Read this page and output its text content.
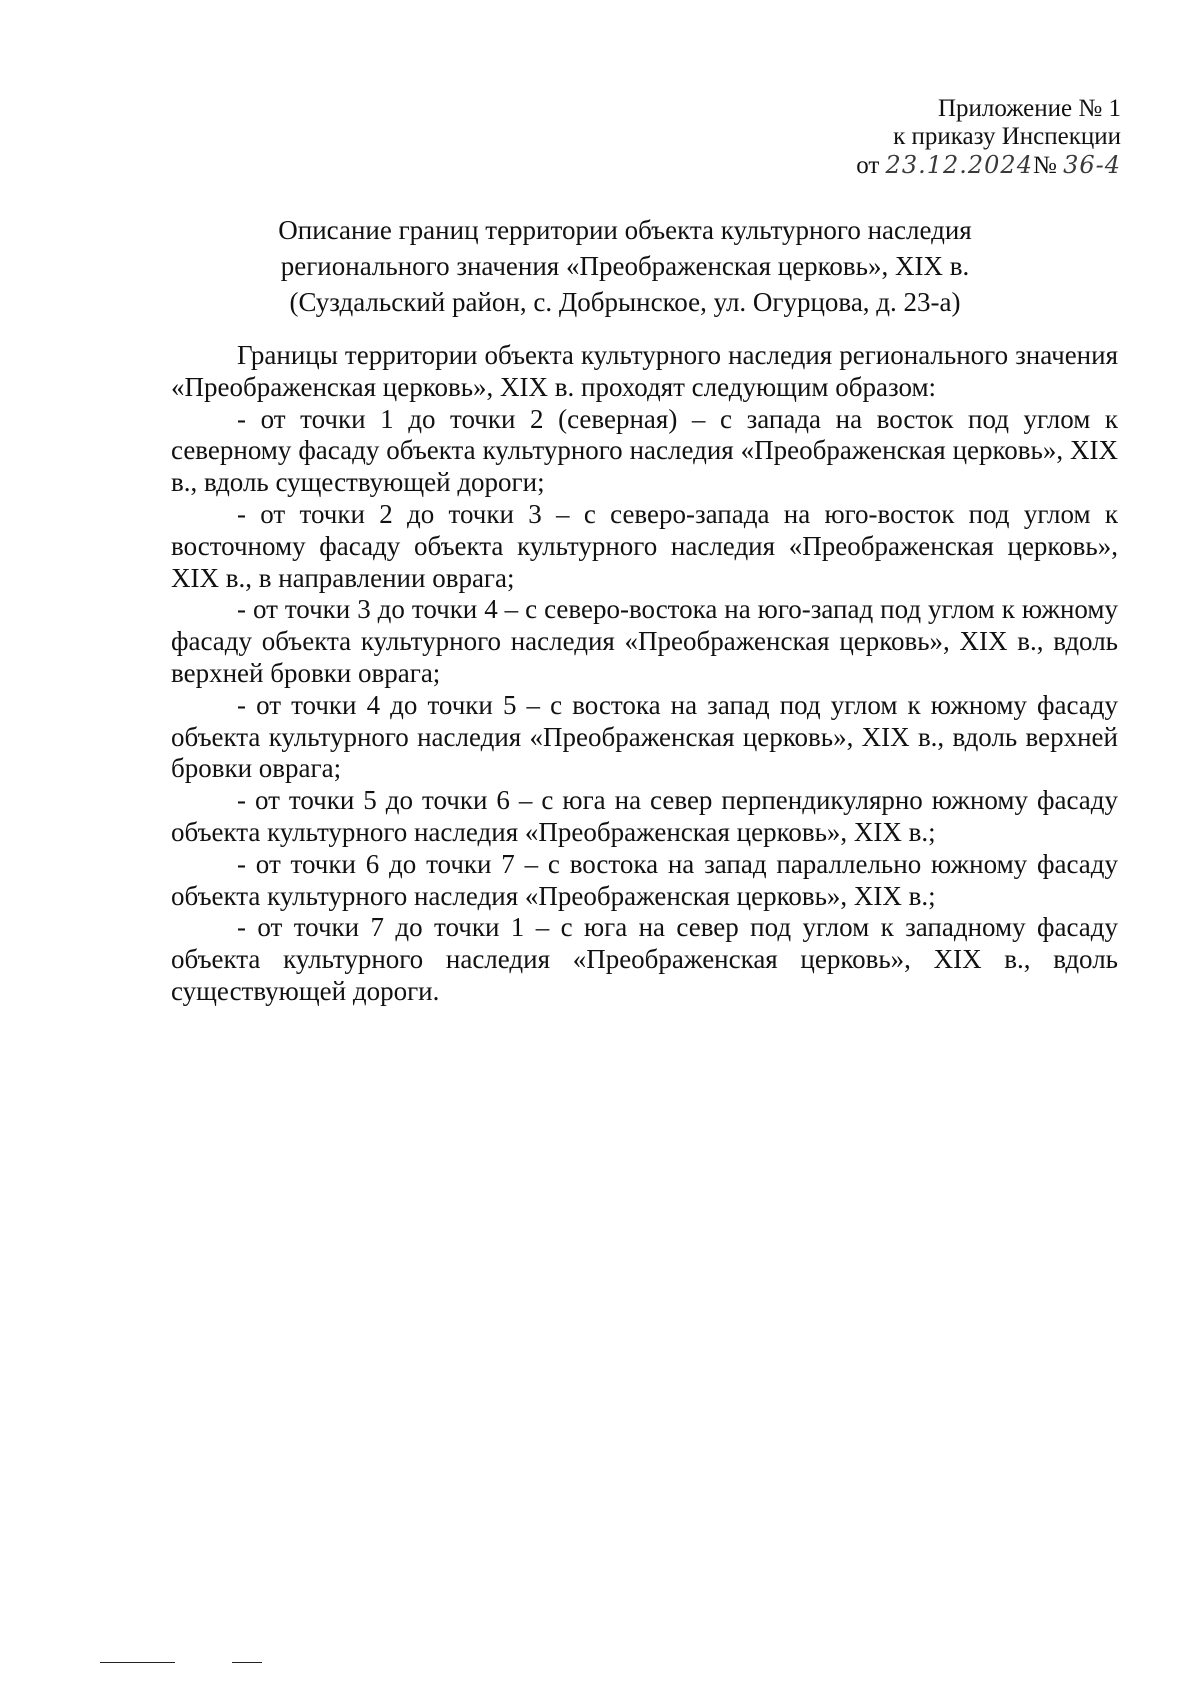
Приложение № 1
к приказу Инспекции
от 23.12.2024№ 36-4
Описание границ территории объекта культурного наследия
регионального значения «Преображенская церковь», XIX в.
(Суздальский район, с. Добрынское, ул. Огурцова, д. 23-а)

Границы территории объекта культурного наследия регионального значения «Преображенская церковь», XIX в. проходят следующим образом:

- от точки 1 до точки 2 (северная) – с запада на восток под углом к северному фасаду объекта культурного наследия «Преображенская церковь», XIX в., вдоль существующей дороги;

- от точки 2 до точки 3 – с северо-запада на юго-восток под углом к восточному фасаду объекта культурного наследия «Преображенская церковь», XIX в., в направлении оврага;

- от точки 3 до точки 4 – с северо-востока на юго-запад под углом к южному фасаду объекта культурного наследия «Преображенская церковь», XIX в., вдоль верхней бровки оврага;

- от точки 4 до точки 5 – с востока на запад под углом к южному фасаду объекта культурного наследия «Преображенская церковь», XIX в., вдоль верхней бровки оврага;

- от точки 5 до точки 6 – с юга на север перпендикулярно южному фасаду объекта культурного наследия «Преображенская церковь», XIX в.;

- от точки 6 до точки 7 – с востока на запад параллельно южному фасаду объекта культурного наследия «Преображенская церковь», XIX в.;

- от точки 7 до точки 1 – с юга на север под углом к западному фасаду объекта культурного наследия «Преображенская церковь», XIX в., вдоль существующей дороги.
